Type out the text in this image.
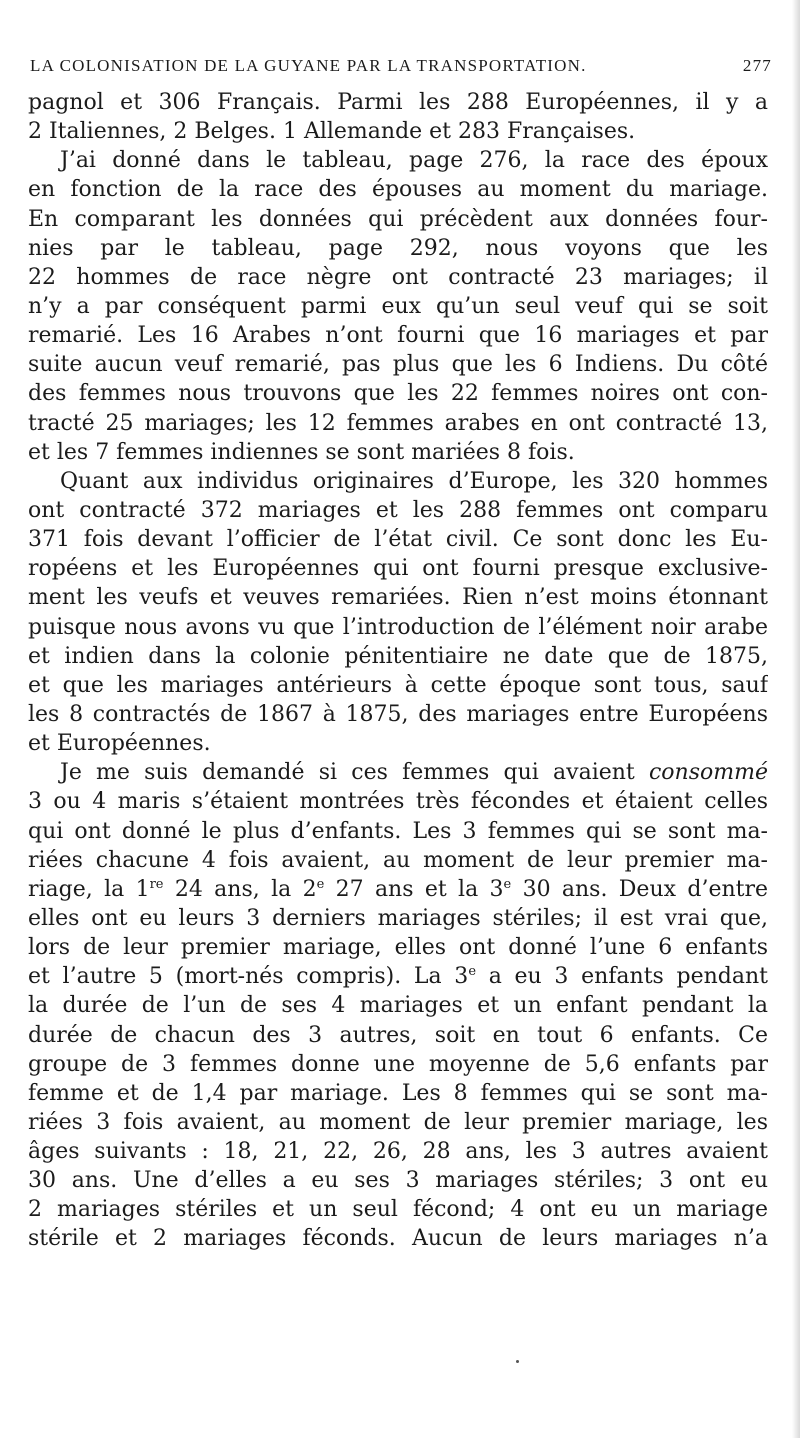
LA COLONISATION DE LA GUYANE PAR LA TRANSPORTATION.	277
pagnol et 306 Français. Parmi les 288 Européennes, il y a
2 Italiennes, 2 Belges. 1 Allemande et 283 Françaises.
J’ai donné dans le tableau, page 276, la race des époux
en fonction de la race des épouses au moment du mariage.
En comparant les données qui précèdent aux données four-
nies par le tableau, page 292, nous voyons que les
22 hommes de race nègre ont contracté 23 mariages; il
n’y a par conséquent parmi eux qu’un seul veuf qui se soit
remarié. Les 16 Arabes n’ont fourni que 16 mariages et par
suite aucun veuf remarié, pas plus que les 6 Indiens. Du côté
des femmes nous trouvons que les 22 femmes noires ont con-
tracté 25 mariages; les 12 femmes arabes en ont contracté 13,
et les 7 femmes indiennes se sont mariées 8 fois.
Quant aux individus originaires d’Europe, les 320 hommes
ont contracté 372 mariages et les 288 femmes ont comparu
371 fois devant l’officier de l’état civil. Ce sont donc les Eu-
ropéens et les Européennes qui ont fourni presque exclusive-
ment les veufs et veuves remariées. Rien n’est moins étonnant
puisque nous avons vu que l’introduction de l’élément noir arabe
et indien dans la colonie pénitentiaire ne date que de 1875,
et que les mariages antérieurs à cette époque sont tous, sauf
les 8 contractés de 1867 à 1875, des mariages entre Européens
et Européennes.
Je me suis demandé si ces femmes qui avaient consommé
3 ou 4 maris s’étaient montrées très fécondes et étaient celles
qui ont donné le plus d’enfants. Les 3 femmes qui se sont ma-
riées chacune 4 fois avaient, au moment de leur premier ma-
riage, la 1re 24 ans, la 2e 27 ans et la 3e 30 ans. Deux d’entre
elles ont eu leurs 3 derniers mariages stériles; il est vrai que,
lors de leur premier mariage, elles ont donné l’une 6 enfants
et l’autre 5 (mort-nés compris). La 3e a eu 3 enfants pendant
la durée de l’un de ses 4 mariages et un enfant pendant la
durée de chacun des 3 autres, soit en tout 6 enfants. Ce
groupe de 3 femmes donne une moyenne de 5,6 enfants par
femme et de 1,4 par mariage. Les 8 femmes qui se sont ma-
riées 3 fois avaient, au moment de leur premier mariage, les
âges suivants : 18, 21, 22, 26, 28 ans, les 3 autres avaient
30 ans. Une d’elles a eu ses 3 mariages stériles; 3 ont eu
2 mariages stériles et un seul fécond; 4 ont eu un mariage
stérile et 2 mariages féconds. Aucun de leurs mariages n’a
